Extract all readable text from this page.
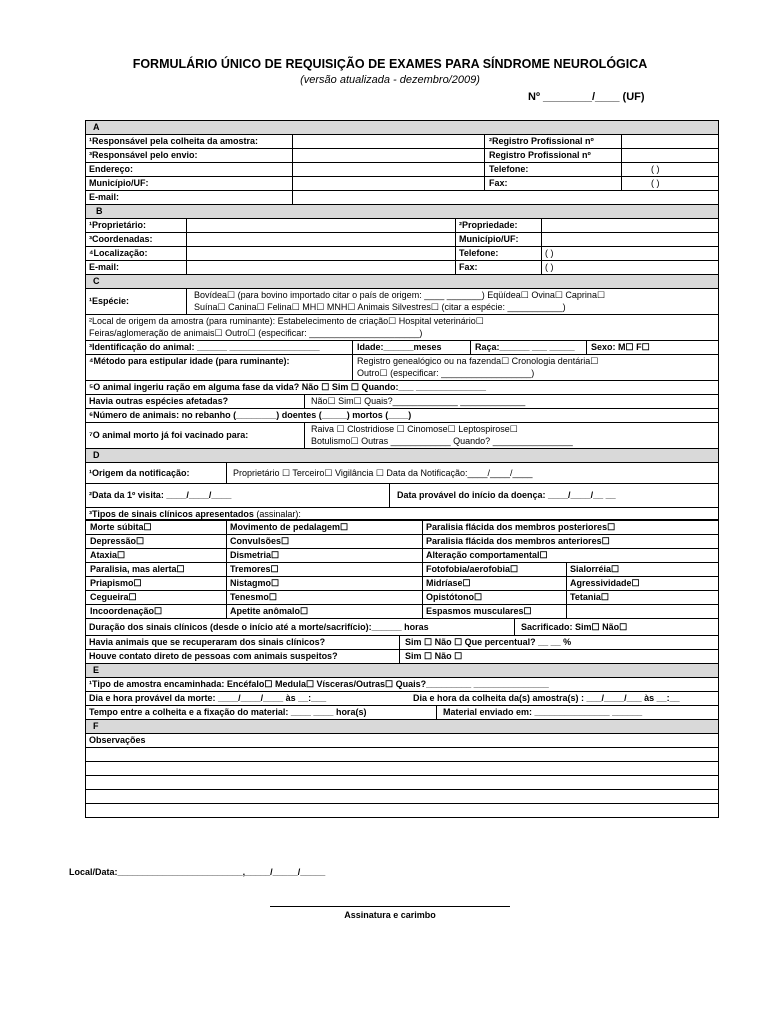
FORMULÁRIO ÚNICO DE REQUISIÇÃO DE EXAMES PARA SÍNDROME NEUROLÓGICA
(versão atualizada - dezembro/2009)
Nº ________/____ (UF)
A
¹Responsável pela colheita da amostra:	²Registro Profissional nº
³Responsável pelo envio:	Registro Profissional nº
Endereço:	Telefone:	( )
Município/UF:	Fax:	( )
E-mail:
B
¹Proprietário:	²Propriedade:
³Coordenadas:	Município/UF:
⁴Localização:	Telefone:	( )
E-mail:	Fax:	( )
C
¹Espécie:
Bovídea☐ (para bovino importado citar o país de origem: ____ _______) Eqüídea☐ Ovina☐ Caprina☐
Suína☐ Canina☐ Felina☐ MH☐ MNH☐ Animais Silvestres☐ (citar a espécie: ___________)
²Local de origem da amostra (para ruminante): Estabelecimento de criação☐ Hospital veterinário☐
Feiras/aglomeração de animais☐ Outro☐ (especificar: ______________________)
³Identificação do animal: ______ __________________	Idade:______meses	Raça:______ ___ _____	Sexo: M☐ F☐
⁴Método para estipular idade (para ruminante):	Registro genealógico ou na fazenda☐ Cronologia dentária☐
Outro☐ (especificar: __________________)
⁵O animal ingeriu ração em alguma fase da vida? Não ☐ Sim ☐ Quando:___ ______________
Havia outras espécies afetadas?	Não☐ Sim☐ Quais?_____________ _____________
⁶Número de animais: no rebanho (________) doentes (_____) mortos (____)
⁷O animal morto já foi vacinado para:
Raiva ☐ Clostridiose ☐ Cinomose☐ Leptospirose☐
Botulismo☐ Outras ____________ Quando? ________________
D
¹Origem da notificação:	Proprietário ☐ Terceiro☐ Vigilância ☐ Data da Notificação:____/____/____
²Data da 1º visita: ____/____/____	Data provável do início da doença: ____/____/__ __
³Tipos de sinais clínicos apresentados (assinalar):
Morte súbita☐	Movimento de pedalagem☐	Paralisia flácida dos membros posteriores☐
Depressão☐	Convulsões☐	Paralisia flácida dos membros anteriores☐
Ataxia☐	Dismetria☐	Alteração comportamental☐
Paralisia, mas alerta☐	Tremores☐	Fotofobia/aerofobia☐	Sialorréia☐
Priapismo☐	Nistagmo☐	Midríase☐	Agressividade☐
Cegueira☐	Tenesmo☐	Opistótono☐	Tetania☐
Incoordenação☐	Apetite anômalo☐	Espasmos musculares☐
Duração dos sinais clínicos (desde o início até a morte/sacrifício):______ horas	Sacrificado: Sim☐ Não☐
Havia animais que se recuperaram dos sinais clínicos?	Sim ☐ Não ☐ Que percentual? __ __ %
Houve contato direto de pessoas com animais suspeitos?	Sim ☐ Não ☐
E
¹Tipo de amostra encaminhada: Encéfalo☐ Medula☐ Vísceras/Outras☐ Quais?_________ _______________
Dia e hora provável da morte: ____/____/____ às __:___	Dia e hora da colheita da(s) amostra(s) : ___/____/___ às __:__
Tempo entre a colheita e a fixação do material: ____ ____ hora(s)	Material enviado em: _______________ ______
F
Observações
Local/Data:_________________________,_____/_____/_____
Assinatura e carimbo
